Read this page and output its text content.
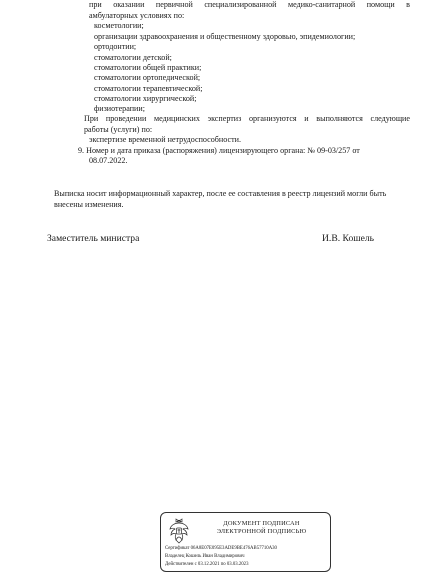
при оказании первичной специализированной медико-санитарной помощи в
амбулаторных условиях по:
косметологии;
организации здравоохранения и общественному здоровью, эпидемиологии;
ортодонтии;
стоматологии детской;
стоматологии общей практики;
стоматологии ортопедической;
стоматологии терапевтической;
стоматологии хирургической;
физиотерапии;
При проведении медицинских экспертиз организуются и выполняются следующие
работы (услуги) по:
экспертизе временной нетрудоспособности.
9. Номер и дата приказа (распоряжения) лицензирующего органа: № 09-03/257 от
08.07.2022.
Выписка носит информационный характер, после ее составления в реестр лицензий могли быть
внесены изменения.
Заместитель министра	И.В. Кошель
ДОКУМЕНТ ПОДПИСАН
ЭЛЕКТРОННОЙ ПОДПИСЬЮ
Сертификат 06A8E07E095E3ADE9BE476AB57710A30
Владелец Кошель Иван Владимирович
Действителен с 03.12.2021 по 03.03.2023
